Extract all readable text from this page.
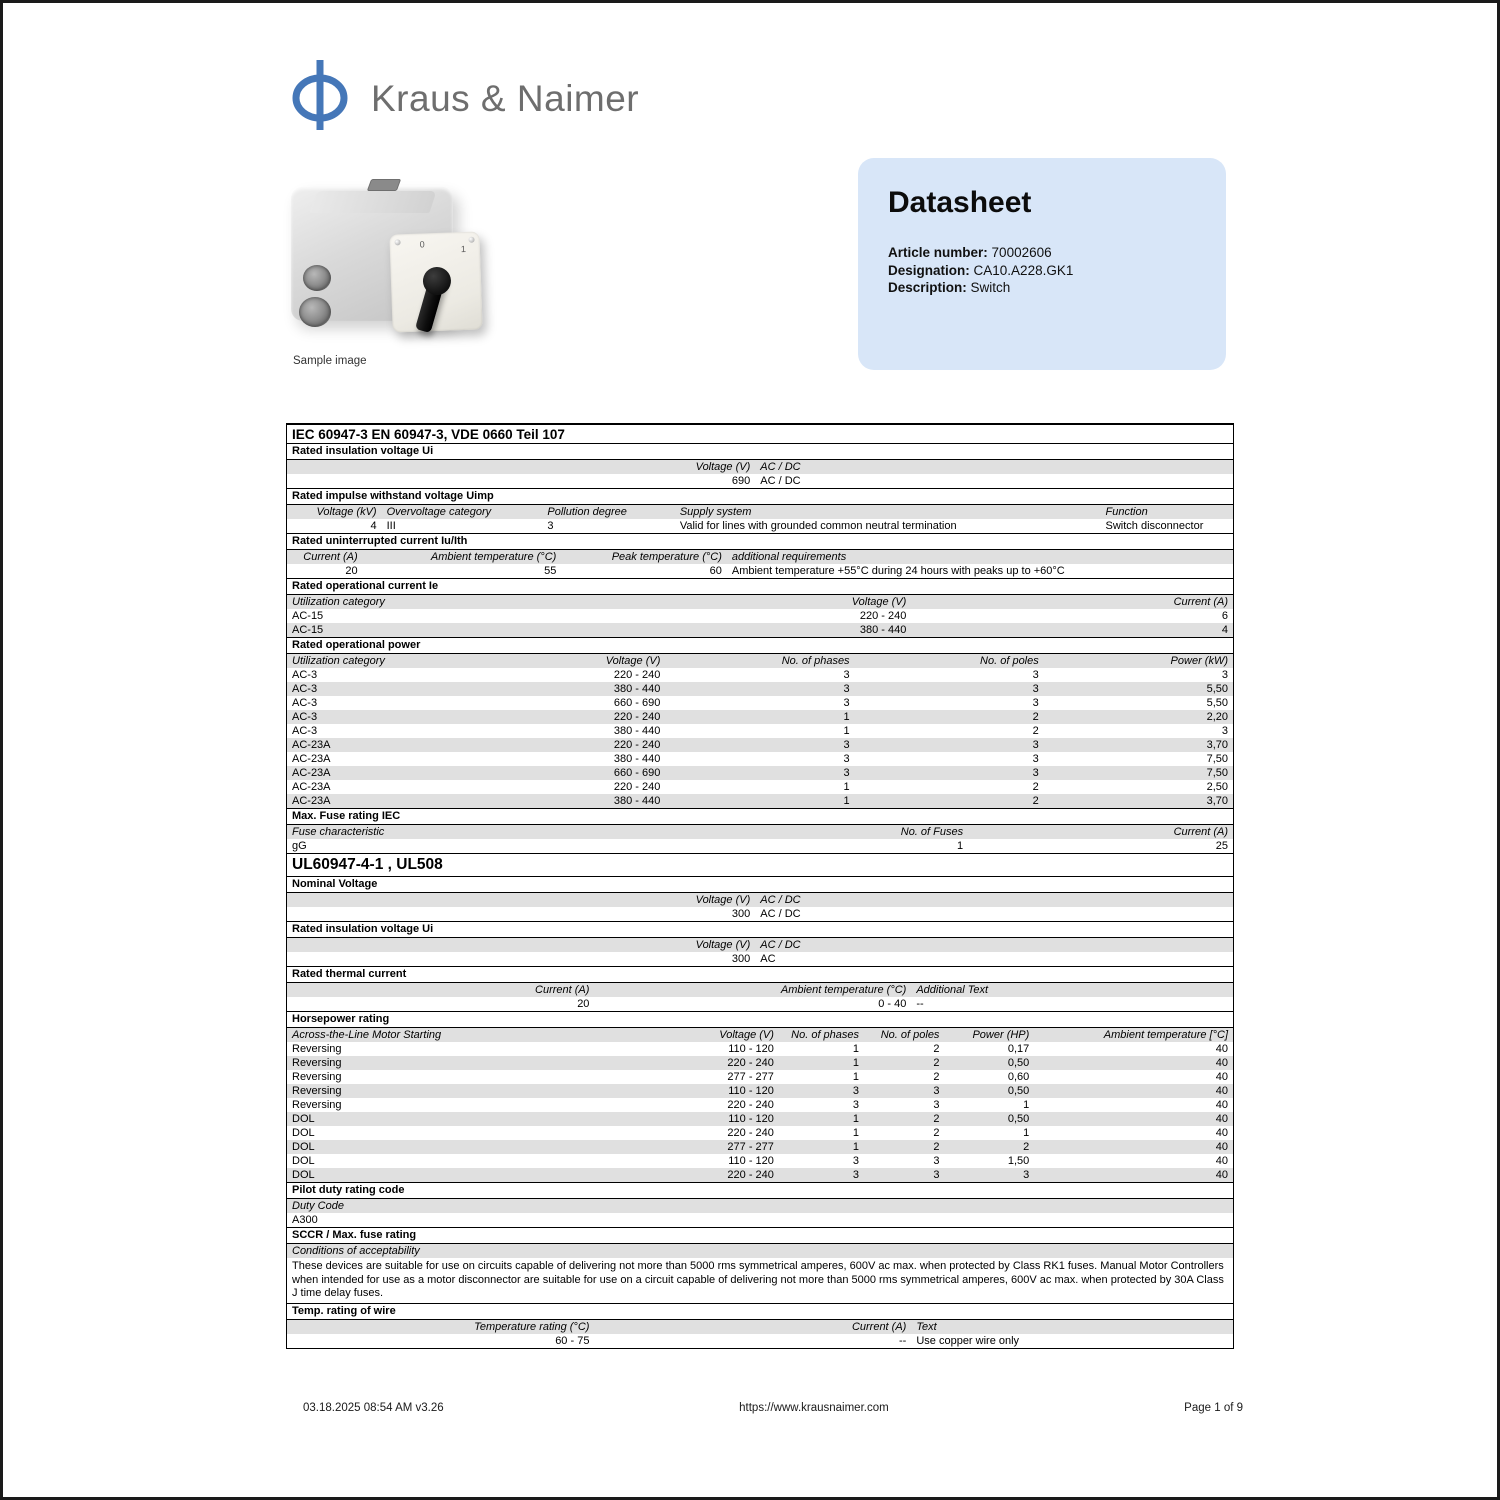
Kraus & Naimer
0	1
Sample image
Datasheet
Article number: 70002606
Designation: CA10.A228.GK1
Description: Switch
IEC 60947-3 EN 60947-3, VDE 0660 Teil 107
Rated insulation voltage Ui
Voltage (V) AC / DC
690 AC / DC
Rated impulse withstand voltage Uimp
Voltage (kV) Overvoltage category	Pollution degree	Supply system	Function
4 III	3	Valid for lines with grounded common neutral termination	Switch disconnector
Rated uninterrupted current Iu/Ith
Current (A)	Ambient temperature (°C)	Peak temperature (°C) additional requirements
20	55	60 Ambient temperature +55°C during 24 hours with peaks up to +60°C
Rated operational current Ie
Utilization category	Voltage (V)	Current (A)
AC-15	220 - 240	6
AC-15	380 - 440	4
Rated operational power
Utilization category	Voltage (V)	No. of phases	No. of poles	Power (kW)
AC-3	220 - 240	3	3	3
AC-3	380 - 440	3	3	5,50
AC-3	660 - 690	3	3	5,50
AC-3	220 - 240	1	2	2,20
AC-3	380 - 440	1	2	3
AC-23A	220 - 240	3	3	3,70
AC-23A	380 - 440	3	3	7,50
AC-23A	660 - 690	3	3	7,50
AC-23A	220 - 240	1	2	2,50
AC-23A	380 - 440	1	2	3,70
Max. Fuse rating IEC
Fuse characteristic	No. of Fuses	Current (A)
gG	1	25
UL60947-4-1 , UL508
Nominal Voltage
Voltage (V) AC / DC
300 AC / DC
Rated insulation voltage Ui
Voltage (V) AC / DC
300 AC
Rated thermal current
Current (A)	Ambient temperature (°C) Additional Text
20	0 - 40 --
Horsepower rating
Across-the-Line Motor Starting	Voltage (V)	No. of phases	No. of poles	Power (HP)	Ambient temperature [°C]
Reversing	110 - 120	1	2	0,17	40
Reversing	220 - 240	1	2	0,50	40
Reversing	277 - 277	1	2	0,60	40
Reversing	110 - 120	3	3	0,50	40
Reversing	220 - 240	3	3	1	40
DOL	110 - 120	1	2	0,50	40
DOL	220 - 240	1	2	1	40
DOL	277 - 277	1	2	2	40
DOL	110 - 120	3	3	1,50	40
DOL	220 - 240	3	3	3	40
Pilot duty rating code
Duty Code
A300
SCCR / Max. fuse rating
Conditions of acceptability
These devices are suitable for use on circuits capable of delivering not more than 5000 rms symmetrical amperes, 600V ac max. when protected by Class RK1 fuses. Manual Motor Controllers when intended for use as a motor disconnector are suitable for use on a circuit capable of delivering not more than 5000 rms symmetrical amperes, 600V ac max. when protected by 30A Class J time delay fuses.
Temp. rating of wire
Temperature rating (°C)	Current (A) Text
60 - 75	-- Use copper wire only
03.18.2025 08:54 AM v3.26	https://www.krausnaimer.com	Page 1 of 9
